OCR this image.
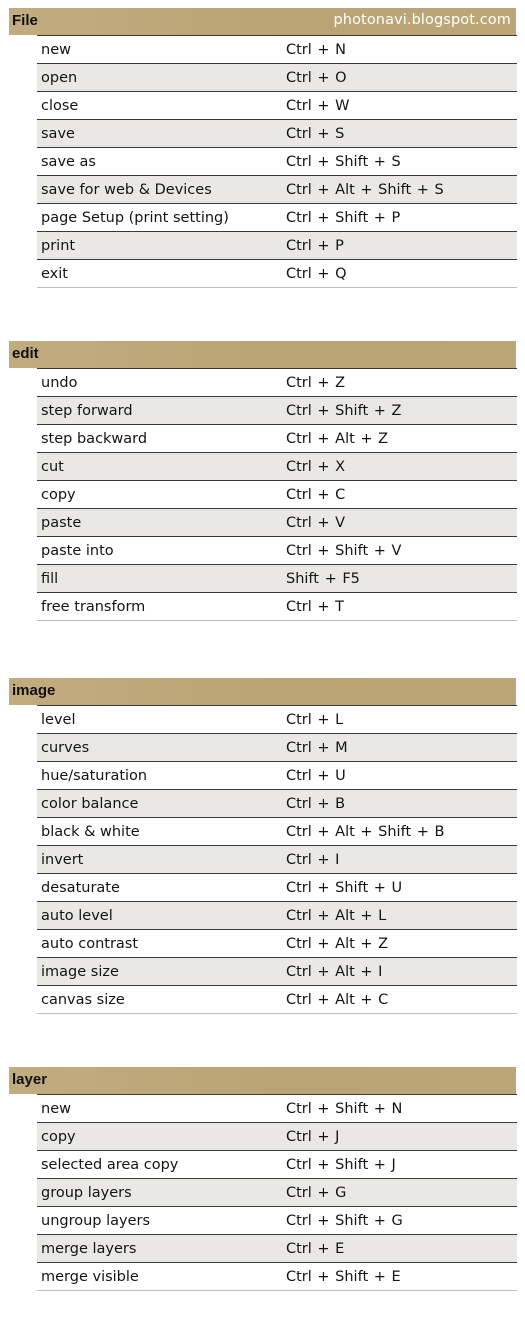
File	photonavi.blogspot.com
new	Ctrl + N
open	Ctrl + O
close	Ctrl + W
save	Ctrl + S
save as	Ctrl + Shift + S
save for web & Devices	Ctrl + Alt + Shift + S
page Setup (print setting)	Ctrl + Shift + P
print	Ctrl + P
exit	Ctrl + Q
edit
undo	Ctrl + Z
step forward	Ctrl + Shift + Z
step backward	Ctrl + Alt + Z
cut	Ctrl + X
copy	Ctrl + C
paste	Ctrl + V
paste into	Ctrl + Shift + V
fill	Shift + F5
free transform	Ctrl + T
image
level	Ctrl + L
curves	Ctrl + M
hue/saturation	Ctrl + U
color balance	Ctrl + B
black & white	Ctrl + Alt + Shift + B
invert	Ctrl + I
desaturate	Ctrl + Shift + U
auto level	Ctrl + Alt + L
auto contrast	Ctrl + Alt + Z
image size	Ctrl + Alt + I
canvas size	Ctrl + Alt + C
layer
new	Ctrl + Shift + N
copy	Ctrl + J
selected area copy	Ctrl + Shift + J
group layers	Ctrl + G
ungroup layers	Ctrl + Shift + G
merge layers	Ctrl + E
merge visible	Ctrl + Shift + E
